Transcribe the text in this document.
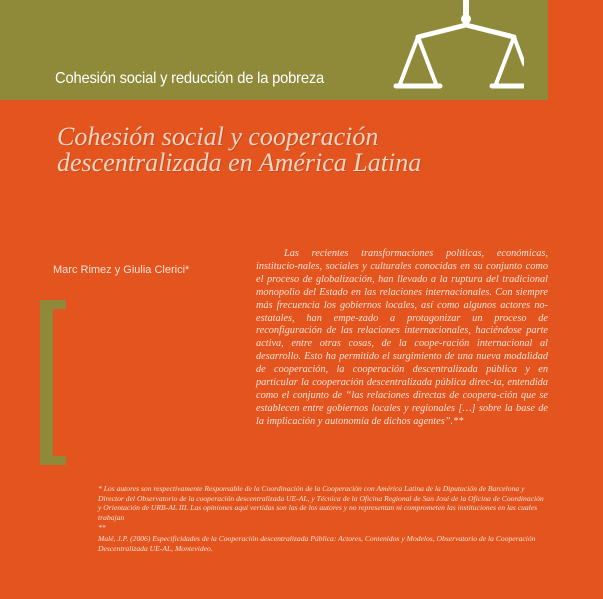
Cohesión social y reducción de la pobreza
Cohesión social y cooperación descentralizada en América Latina
Marc Rimez y Giulia Clerici*
Las recientes transformaciones políticas, económicas, institucio-nales, sociales y culturales conocidas en su conjunto como el proceso de globalización, han llevado a la ruptura del tradicional monopolio del Estado en las relaciones internacionales. Con siempre más frecuencia los gobiernos locales, así como algunos actores no-estatales, han empe-zado a protagonizar un proceso de reconfiguración de las relaciones internacionales, haciéndose parte activa, entre otras cosas, de la coope-ración internacional al desarrollo. Esto ha permitido el surgimiento de una nueva modalidad de cooperación, la cooperación descentralizada pública y en particular la cooperación descentralizada pública direc-ta, entendida como el conjunto de “las relaciones directas de coopera-ción que se establecen entre gobiernos locales y regionales […] sobre la base de la implicación y autonomía de dichos agentes”.**

* Los autores son respectivamente Responsable de la Coordinación de la Cooperación con América Latina de la Diputación de Barcelona y Director del Observatorio de la cooperación descentralizada UE-AL, y Técnica de la Oficina Regional de San José de la Oficina de Coordinación y Orientación de URB-AL III. Las opiniones aquí vertidas son las de los autores y no representan ni comprometen las instituciones en las cuales trabajan

**

Malé, J.P. (2006) Especificidades de la Cooperación descentralizada Pública: Actores, Contenidos y Modelos, Observatorio de la Cooperación Descentralizada UE-AL, Montevideo.
